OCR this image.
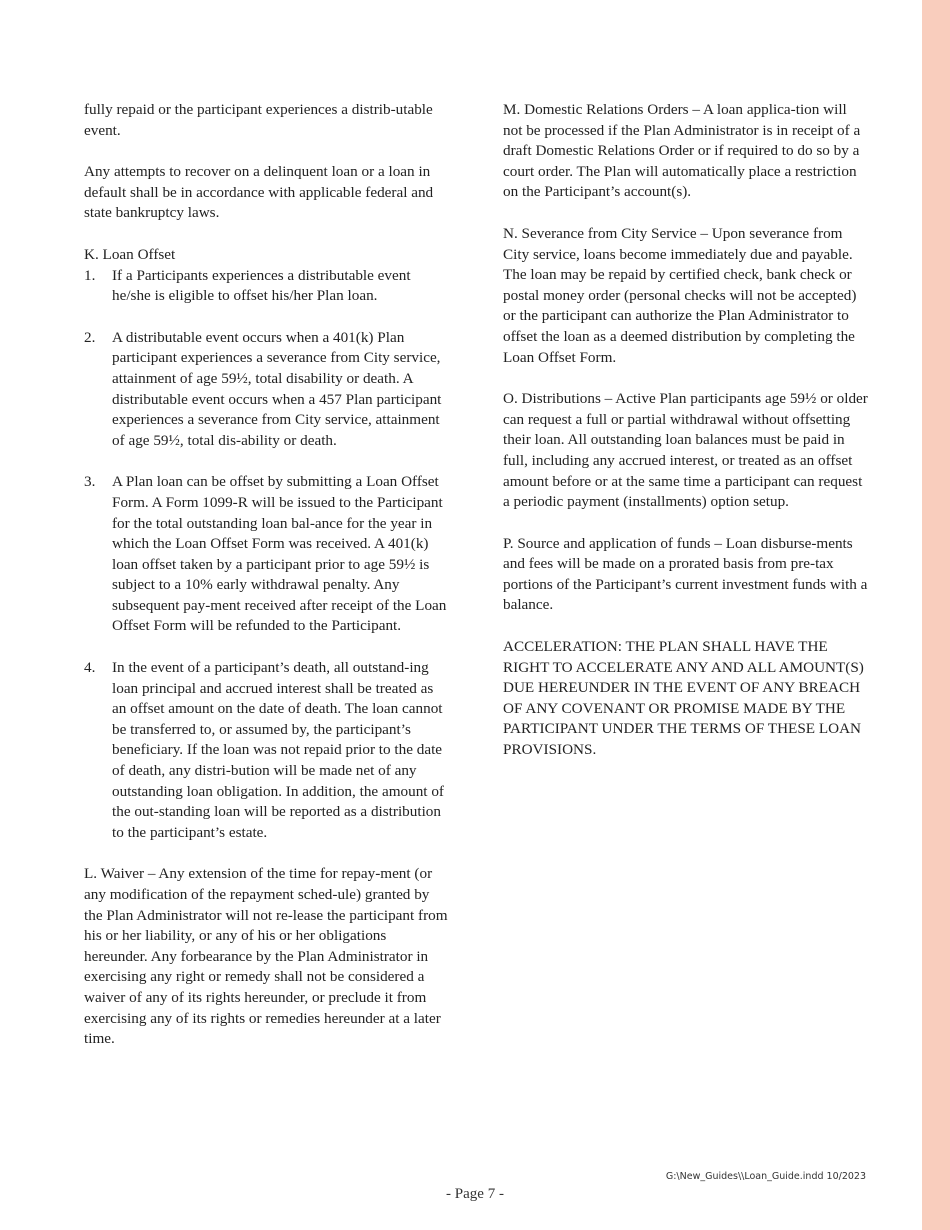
fully repaid or the participant experiences a distrib-utable event.

Any attempts to recover on a delinquent loan or a loan in default shall be in accordance with applicable federal and state bankruptcy laws.

K. Loan Offset

1. If a Participants experiences a distributable event he/she is eligible to offset his/her Plan loan.
2. A distributable event occurs when a 401(k) Plan participant experiences a severance from City service, attainment of age 59½, total disability or death. A distributable event occurs when a 457 Plan participant experiences a severance from City service, attainment of age 59½, total dis-ability or death.
3. A Plan loan can be offset by submitting a Loan Offset Form. A Form 1099-R will be issued to the Participant for the total outstanding loan bal-ance for the year in which the Loan Offset Form was received. A 401(k) loan offset taken by a participant prior to age 59½ is subject to a 10% early withdrawal penalty. Any subsequent pay-ment received after receipt of the Loan Offset Form will be refunded to the Participant.
4. In the event of a participant’s death, all outstand-ing loan principal and accrued interest shall be treated as an offset amount on the date of death. The loan cannot be transferred to, or assumed by, the participant’s beneficiary. If the loan was not repaid prior to the date of death, any distri-bution will be made net of any outstanding loan obligation. In addition, the amount of the out-standing loan will be reported as a distribution to the participant’s estate.

L. Waiver – Any extension of the time for repay-ment (or any modification of the repayment sched-ule) granted by the Plan Administrator will not re-lease the participant from his or her liability, or any of his or her obligations hereunder. Any forbearance by the Plan Administrator in exercising any right or remedy shall not be considered a waiver of any of its rights hereunder, or preclude it from exercising any of its rights or remedies hereunder at a later time.

M. Domestic Relations Orders – A loan applica-tion will not be processed if the Plan Administrator is in receipt of a draft Domestic Relations Order or if required to do so by a court order. The Plan will automatically place a restriction on the Participant’s account(s).

N. Severance from City Service – Upon severance from City service, loans become immediately due and payable. The loan may be repaid by certified check, bank check or postal money order (personal checks will not be accepted) or the participant can authorize the Plan Administrator to offset the loan as a deemed distribution by completing the Loan Offset Form.

O. Distributions – Active Plan participants age 59½ or older can request a full or partial withdrawal without offsetting their loan. All outstanding loan balances must be paid in full, including any accrued interest, or treated as an offset amount before or at the same time a participant can request a periodic payment (installments) option setup.

P. Source and application of funds – Loan disburse-ments and fees will be made on a prorated basis from pre-tax portions of the Participant’s current investment funds with a balance.

ACCELERATION: THE PLAN SHALL HAVE THE RIGHT TO ACCELERATE ANY AND ALL AMOUNT(S) DUE HEREUNDER IN THE EVENT OF ANY BREACH OF ANY COVENANT OR PROMISE MADE BY THE PARTICIPANT UNDER THE TERMS OF THESE LOAN PROVISIONS.

G:\New_Guides\\Loan_Guide.indd 10/2023
- Page 7 -
